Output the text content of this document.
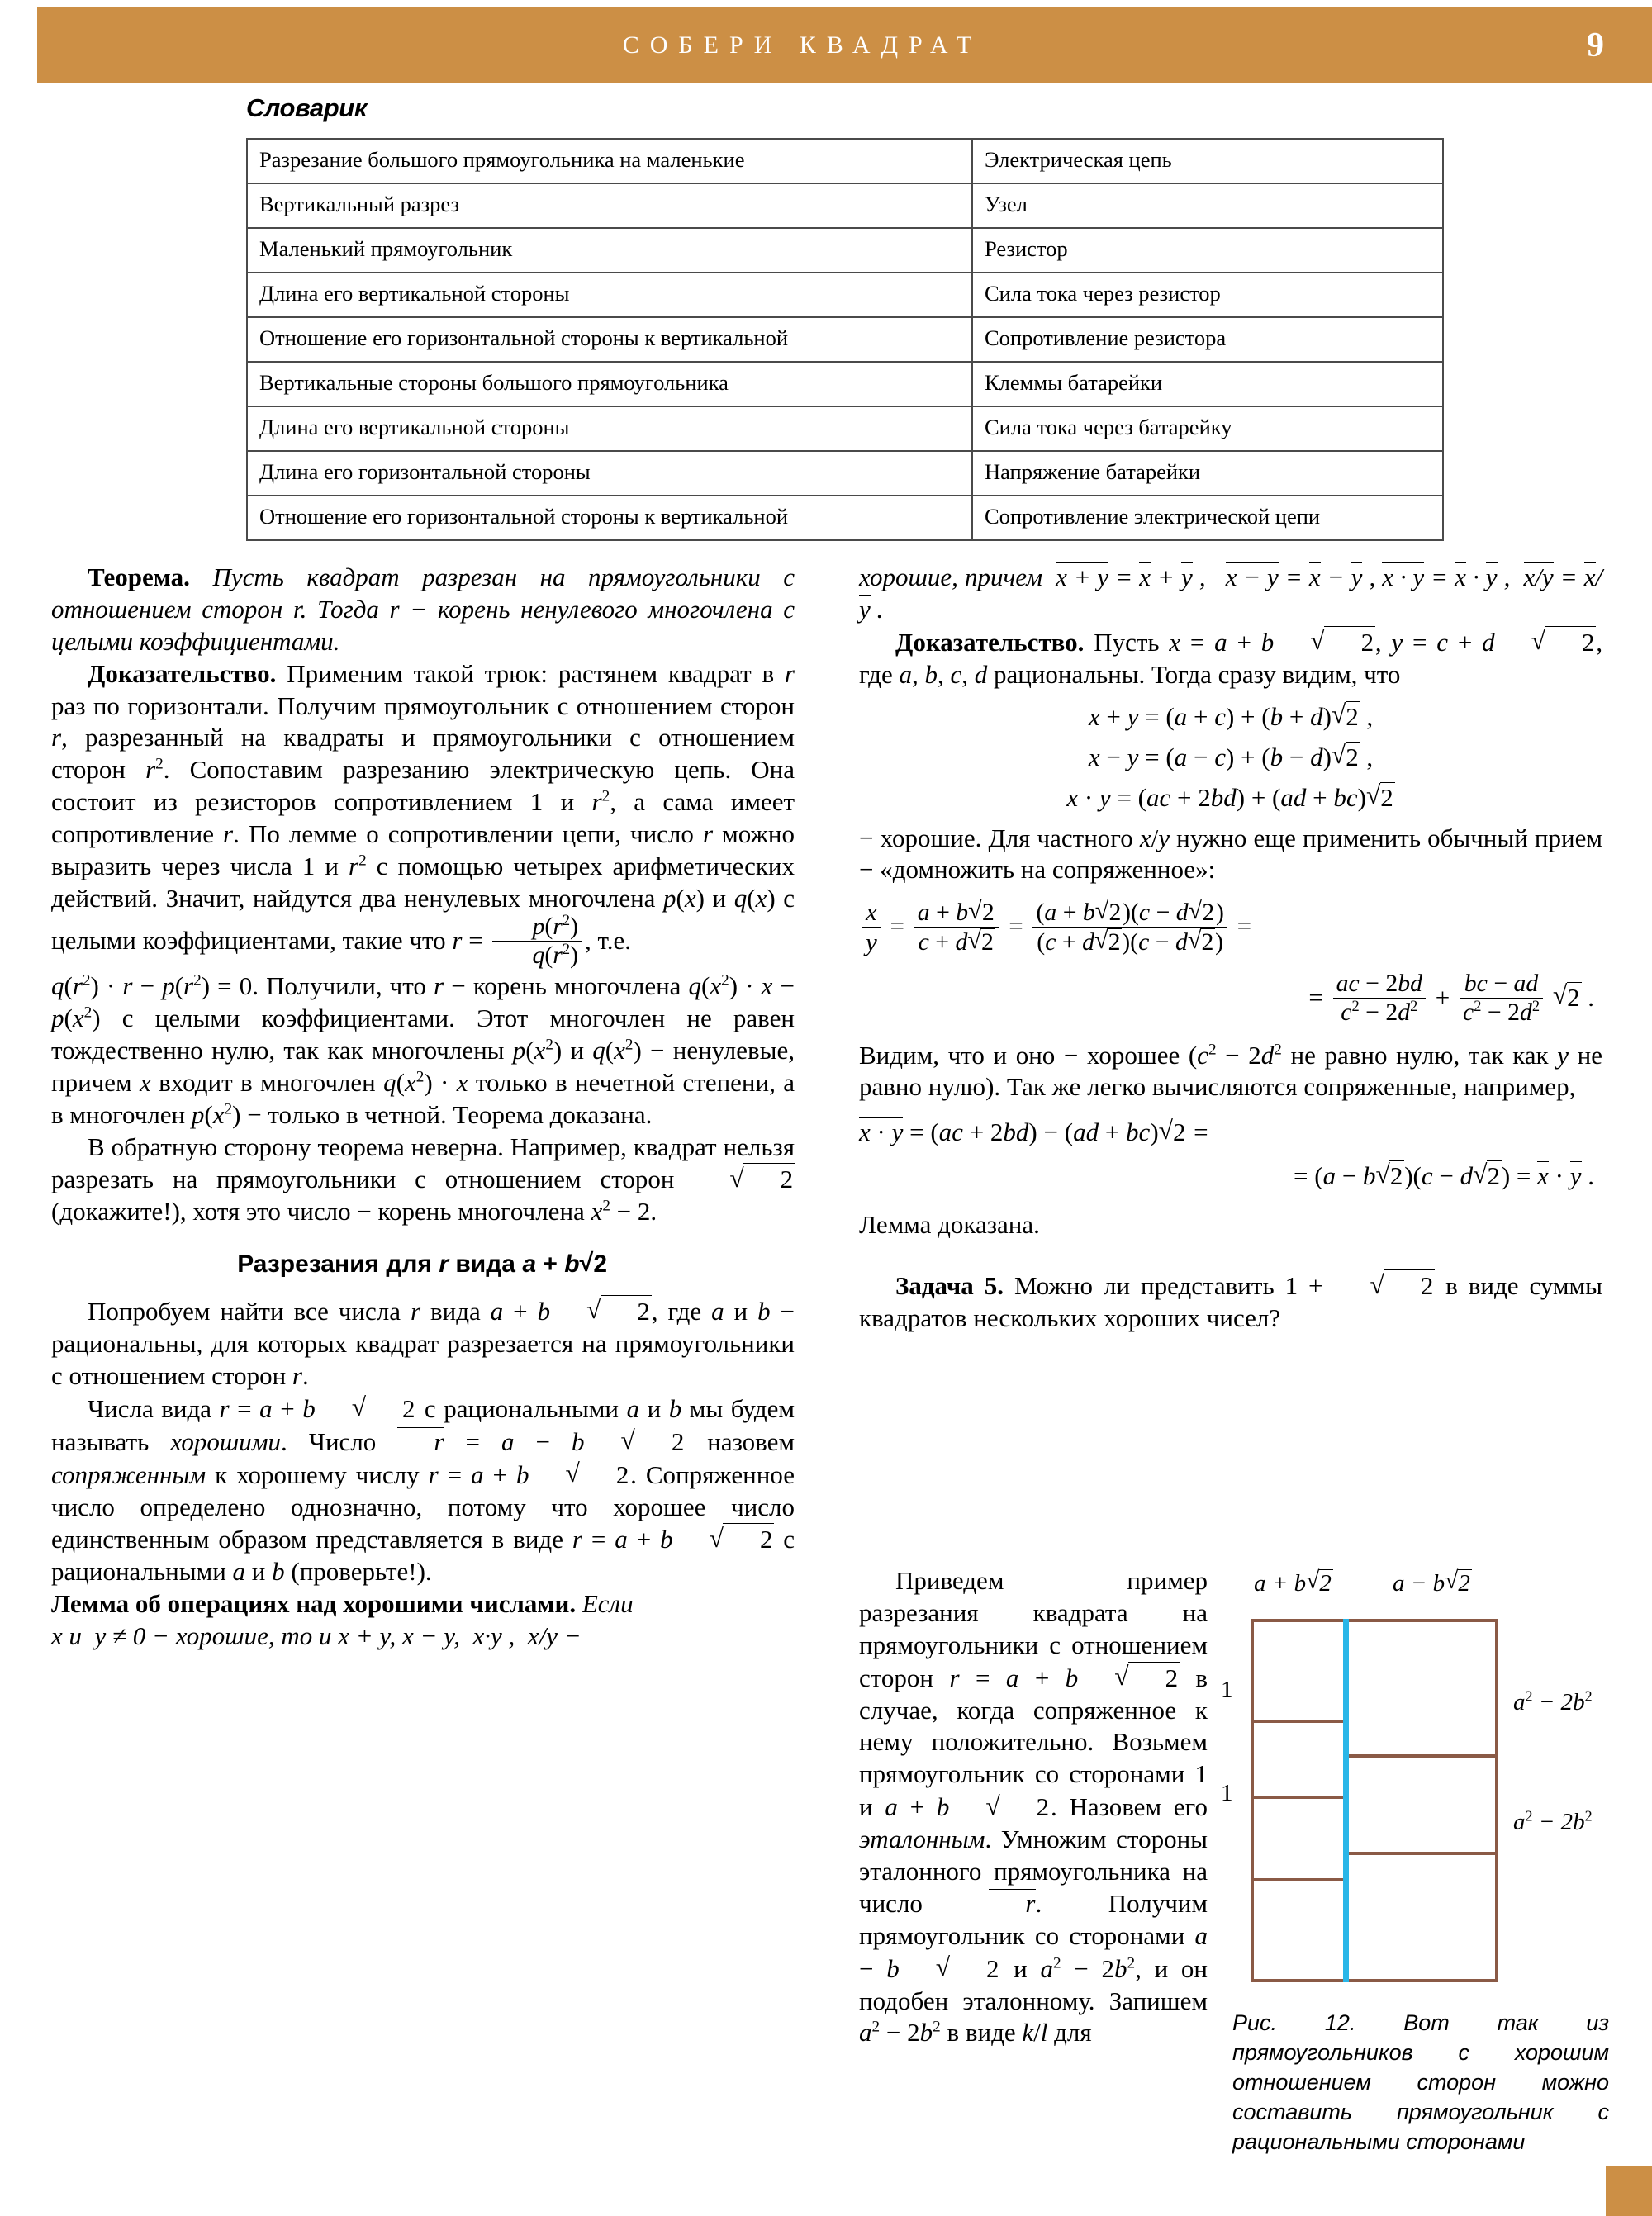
СОБЕРИ КВАДРАТ	9
Словарик
Разрезание большого прямоугольника на маленькие	Электрическая цепь
Вертикальный разрез	Узел
Маленький прямоугольник	Резистор
Длина его вертикальной стороны	Сила тока через резистор
Отношение его горизонтальной стороны к вертикальной	Сопротивление резистора
Вертикальные стороны большого прямоугольника	Клеммы батарейки
Длина его вертикальной стороны	Сила тока через батарейку
Длина его горизонтальной стороны	Напряжение батарейки
Отношение его горизонтальной стороны к вертикальной	Сопротивление электрической цепи

Теорема. Пусть квадрат разрезан на прямоугольники с отношением сторон r. Тогда r − корень ненулевого многочлена с целыми коэффициентами.

Доказательство. Применим такой трюк: растянем квадрат в r раз по горизонтали. Получим прямоугольник с отношением сторон r, разрезанный на квадраты и прямоугольники с отношением сторон $r^2$. Сопоставим разрезанию электрическую цепь. Она состоит из резисторов сопротивлением 1 и $r^2$, а сама имеет сопротивление r. По лемме о сопротивлении цепи, число r можно выразить через числа 1 и $r^2$ с помощью четырех арифметических действий. Значит, найдутся два ненулевых многочлена p(x) и q(x) с целыми коэффициентами, такие что $r = \frac{p(r^2)}{q(r^2)}$ , т.е.

$q(r^2) \cdot r - p(r^2) = 0$. Получили, что r − корень многочлена $q(x^2) \cdot x - p(x^2)$ с целыми коэффициентами. Этот многочлен не равен тождественно нулю, так как многочлены $p(x^2)$ и $q(x^2)$ − ненулевые, причем x входит в многочлен $q(x^2) \cdot x$ только в нечетной степени, а в многочлен $p(x^2)$ − только в четной. Теорема доказана.

В обратную сторону теорема неверна. Например, квадрат нельзя разрезать на прямоугольники с отношением сторон	√ 2 (докажите!), хотя это число − корень многочлена $x^2 - 2$.

Разрезания для r вида a + b √ 2

Попробуем найти все числа r вида a + b	√ 2, где a и b − рациональны, для которых квадрат разрезается на прямоугольники с отношением сторон r.

Числа вида r = a + b	√ 2 с рациональными a и b мы будем называть хорошими. Число r = a − b	√ 2 назовем сопряженным к хорошему числу r = a + b	√ 2. Сопряженное число определено однозначно, потому что хорошее число единственным образом представляется в виде r = a + b	√ 2 с рациональными a и b (проверьте!).

Лемма об операциях над хорошими числами. Если

x и  y ≠ 0 − хорошие, то и x + y, x − y,  x·y ,  x/y −

хорошие, причем x + y = x + y ,   x − y = x − y , x · y = x · y ,  x/y = x/y .

Доказательство. Пусть x = a + b	√ 2, y = c + d	√ 2, где a, b, c, d рациональны. Тогда сразу видим, что

x + y = (a + c) + (b + d) √ 2 ,
x − y = (a − c) + (b − d) √ 2 ,
x · y = (ac + 2bd) + (ad + bc) √ 2

− хорошие. Для частного x/y нужно еще применить обычный прием − «домножить на сопряженное»:

$\frac{x}{y} = \frac{a + b √ 2}{c + d √ 2} = \frac{(a + b √ 2)(c - d √ 2)}{(c + d √ 2)(c - d √ 2)}$ =
= $\frac{ac - 2bd}{c^2 - 2d^2} + \frac{bc - ad}{c^2 - 2d^2}$ √ 2 .

Видим, что и оно − хорошее ($c^2 - 2d^2$ не равно нулю, так как y не равно нулю). Так же легко вычисляются сопряженные, например,

x · y = (ac + 2bd) − (ad + bc) √ 2 =
= (a − b √ 2)(c − d √ 2) = x · y .

Лемма доказана.

Задача 5. Можно ли представить 1 +	√ 2 в виде суммы квадратов нескольких хороших чисел?

Приведем пример разрезания квадрата на прямоугольники с отношением сторон r = a + b	√ 2 в случае, когда сопряженное к нему положительно. Возьмем прямоугольник со сторонами 1 и a + b	√ 2. Назовем его эталонным. Умножим стороны эталонного прямоугольника на число r. Получим прямоугольник со сторонами a − b	√ 2 и $a^2 - 2b^2$, и он подобен эталонному. Запишем $a^2 - 2b^2$ в виде k/l для

a + b √ 2	a − b √ 2
1
1
$a^2 - 2b^2$
$a^2 - 2b^2$
Рис. 12. Вот так из прямоугольников с хорошим отношением сторон можно составить прямоугольник с рациональными сторонами
